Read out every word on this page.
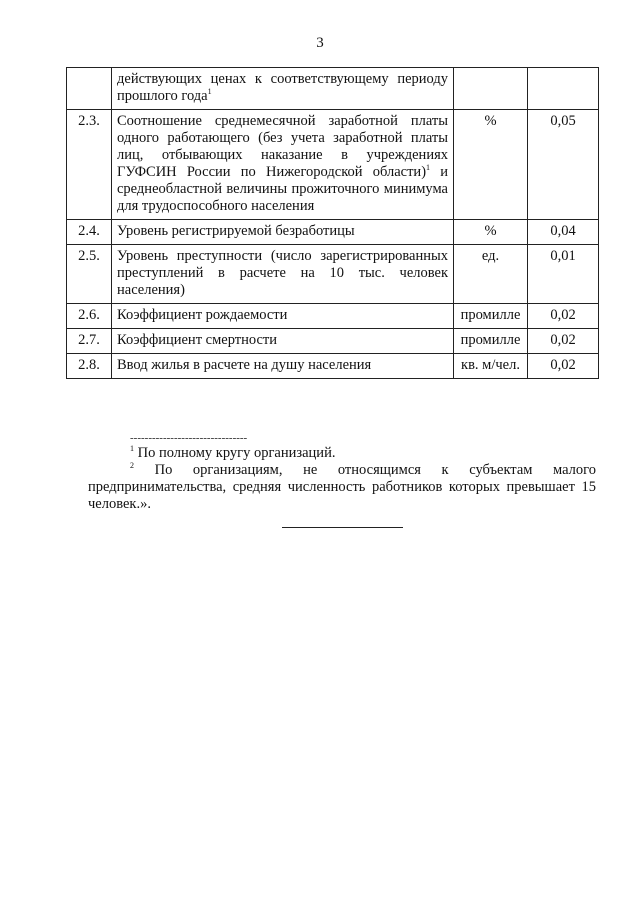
3
	действующих ценах к соответствующему периоду прошлого года$^1$		
2.3.	Соотношение среднемесячной заработной платы одного работающего (без учета заработной платы лиц, отбывающих наказание в учреждениях ГУФСИН России по Нижегородской области)$^1$ и среднеобластной величины прожиточного минимума для трудоспособного населения	%	0,05
2.4.	Уровень регистрируемой безработицы	%	0,04
2.5.	Уровень преступности (число зарегистрированных преступлений в расчете на 10 тыс. человек населения)	ед.	0,01
2.6.	Коэффициент рождаемости	промилле	0,02
2.7.	Коэффициент смертности	промилле	0,02
2.8.	Ввод жилья в расчете на душу населения	кв. м/чел.	0,02
--------------------------------

$^1$ По полному кругу организаций.

$^2$ По организациям, не относящимся к субъектам малого предпринимательства, средняя численность работников которых превышает 15 человек.».
